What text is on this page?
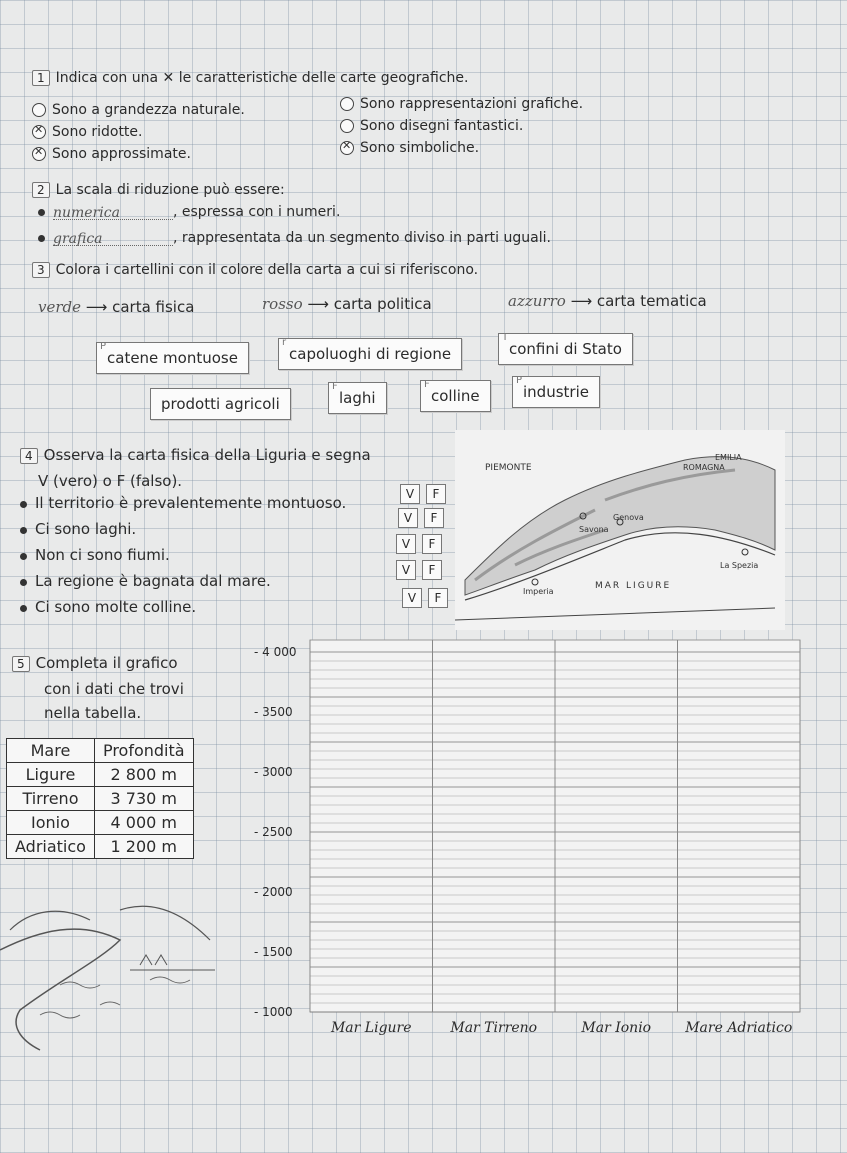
1 Indica con una ✕ le caratteristiche delle carte geografiche.
Sono a grandezza naturale.
✕
Sono ridotte.
✕
Sono approssimate.
Sono rappresentazioni grafiche.
Sono disegni fantastici.
✕
Sono simboliche.
2 La scala di riduzione può essere:
numerica	, espressa con i numeri.
grafica	, rappresentata da un segmento diviso in parti uguali.
3 Colora i cartellini con il colore della carta a cui si riferiscono.
verde ⟶ carta fisica	rosso ⟶ carta politica	azzurro ⟶ carta tematica
P
catene montuose
r
capoluoghi di regione
T
confini di Stato
prodotti agricoli
F
laghi
F
colline
P
industrie
4 Osserva la carta fisica della Liguria e segna
V (vero) o F (falso).
Il territorio è prevalentemente montuoso.
Ci sono laghi.
Non ci sono fiumi.
La regione è bagnata dal mare.
Ci sono molte colline.
V	F
V	F
V	F
V	F
V	F
PIEMONTE
EMILIA
ROMAGNA
Genova
Savona
La Spezia
Imperia
MAR LIGURE
5 Completa il grafico
con i dati che trovi
nella tabella.
Mare	Profondità
Ligure	2 800 m
Tirreno	3 730 m
Ionio	4 000 m
Adriatico	1 200 m
- 4 000
- 3500
- 3000
- 2500
- 2000
- 1500
- 1000
Mar Ligure	Mar Tirreno	Mar Ionio Mare Adriatico
